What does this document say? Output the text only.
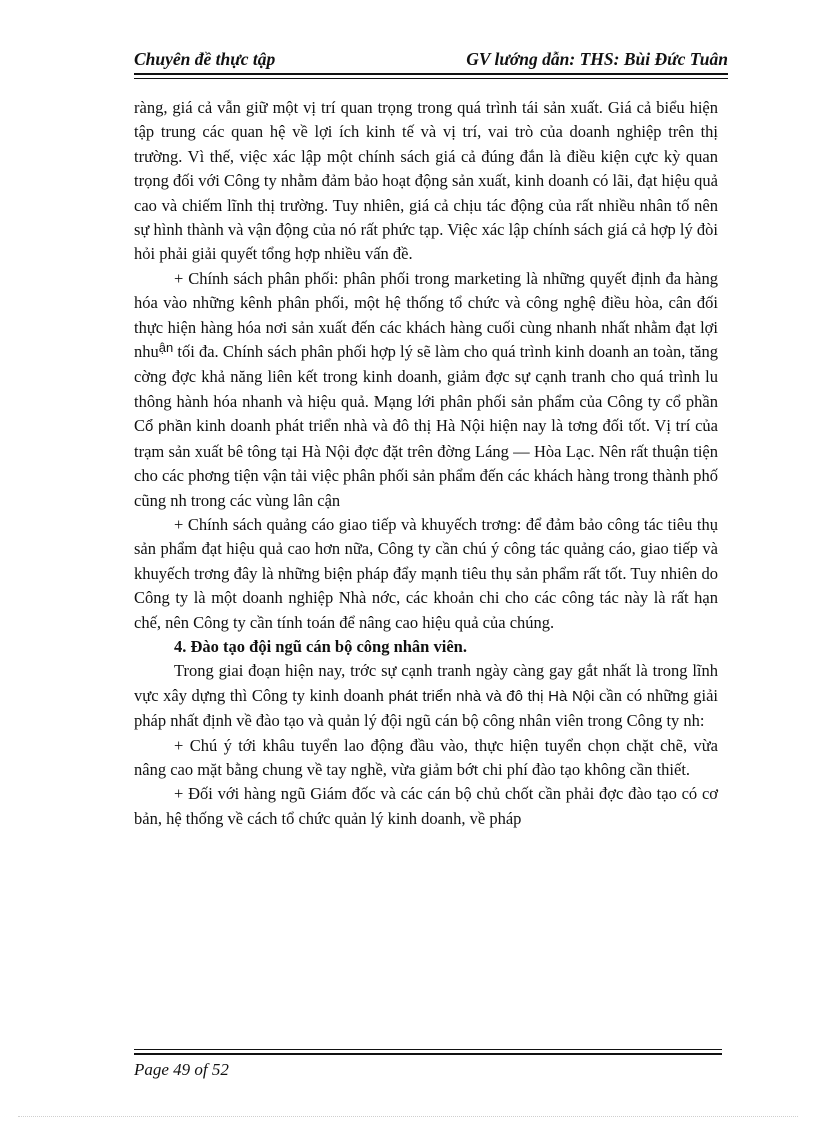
Chuyên đề thực tập	GV lướng dẫn: THS: Bùi Đức Tuân

ràng, giá cả vẫn giữ một vị trí quan trọng trong quá trình tái sản xuất. Giá cả biểu hiện tập trung các quan hệ về lợi ích kinh tế và vị trí, vai trò của doanh nghiệp trên thị trường. Vì thế, việc xác lập một chính sách giá cả đúng đắn là điều kiện cực kỳ quan trọng đối với Công ty nhằm đảm bảo hoạt động sản xuất, kinh doanh có lãi, đạt hiệu quả cao và chiếm lĩnh thị trường. Tuy nhiên, giá cả chịu tác động của rất nhiều nhân tố nên sự hình thành và vận động của nó rất phức tạp. Việc xác lập chính sách giá cả hợp lý đòi hỏi phải giải quyết tổng hợp nhiều vấn đề.

+ Chính sách phân phối: phân phối trong marketing là những quyết định đa hàng hóa vào những kênh phân phối, một hệ thống tổ chức và công nghệ điều hòa, cân đối thực hiện hàng hóa nơi sản xuất đến các khách hàng cuối cùng nhanh nhất nhằm đạt lợi nhu$^{ận}$ tối đa. Chính sách phân phối hợp lý sẽ làm cho quá trình kinh doanh an toàn, tăng cờng đợc khả năng liên kết trong kinh doanh, giảm đợc sự cạnh tranh cho quá trình lu thông hành hóa nhanh và hiệu quả. Mạng lới phân phối sản phẩm của Công ty cổ phần Cổ phần kinh doanh phát triển nhà và đô thị Hà Nội hiện nay là tơng đối tốt. Vị trí của trạm sản xuất bê tông tại Hà Nội đợc đặt trên đờng Láng — Hòa Lạc. Nên rất thuận tiện cho các phơng tiện vận tải việc phân phối sản phẩm đến các khách hàng trong thành phố cũng nh trong các vùng lân cận

+ Chính sách quảng cáo giao tiếp và khuyếch trơng: để đảm bảo công tác tiêu thụ sản phẩm đạt hiệu quả cao hơn nữa, Công ty cần chú ý công tác quảng cáo, giao tiếp và khuyếch trơng đây là những biện pháp đẩy mạnh tiêu thụ sản phẩm rất tốt. Tuy nhiên do Công ty là một doanh nghiệp Nhà nớc, các khoản chi cho các công tác này là rất hạn chế, nên Công ty cần tính toán để nâng cao hiệu quả của chúng.

4. Đào tạo đội ngũ cán bộ công nhân viên.

Trong giai đoạn hiện nay, trớc sự cạnh tranh ngày càng gay gắt nhất là trong lĩnh vực xây dựng thì Công ty kinh doanh phát triển nhà và đô thị Hà Nội cần có những giải pháp nhất định về đào tạo và quản lý đội ngũ cán bộ công nhân viên trong Công ty nh:

+ Chú ý tới khâu tuyển lao động đầu vào, thực hiện tuyển chọn chặt chẽ, vừa nâng cao mặt bằng chung về tay nghề, vừa giảm bớt chi phí đào tạo không cần thiết.

+ Đối với hàng ngũ Giám đốc và các cán bộ chủ chốt cần phải đợc đào tạo có cơ bản, hệ thống về cách tổ chức quản lý kinh doanh, về pháp

Page 49 of 52
